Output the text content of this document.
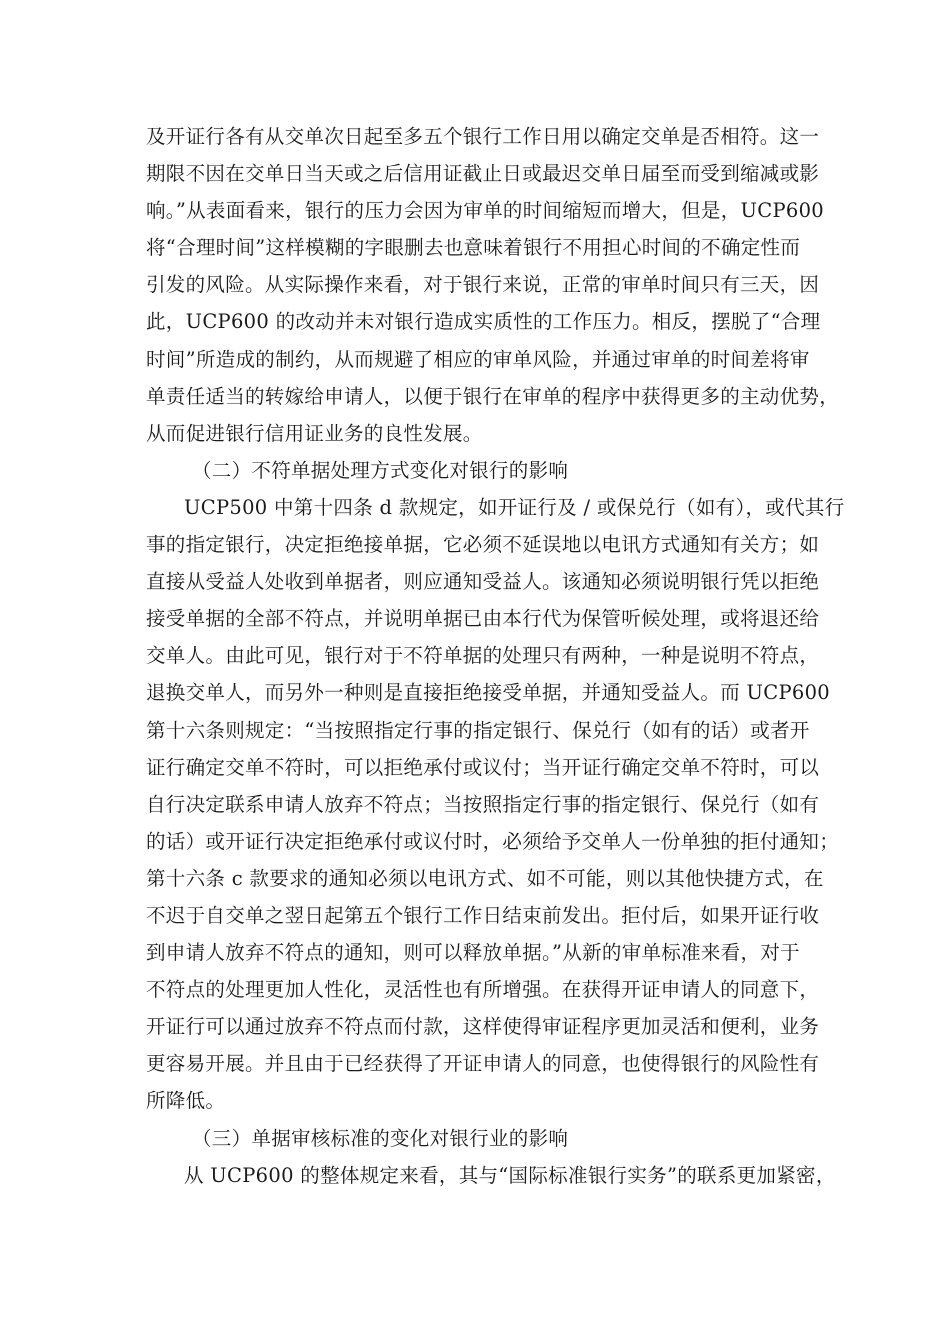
及开证行各有从交单次日起至多五个银行工作日用以确定交单是否相符。这一
期限不因在交单日当天或之后信用证截止日或最迟交单日届至而受到缩减或影
响。”从表面看来，银行的压力会因为审单的时间缩短而增大，但是，UCP600
将“合理时间”这样模糊的字眼删去也意味着银行不用担心时间的不确定性而
引发的风险。从实际操作来看，对于银行来说，正常的审单时间只有三天，因
此，UCP600 的改动并未对银行造成实质性的工作压力。相反，摆脱了“合理
时间”所造成的制约，从而规避了相应的审单风险，并通过审单的时间差将审
单责任适当的转嫁给申请人，以便于银行在审单的程序中获得更多的主动优势，
从而促进银行信用证业务的良性发展。
（二）不符单据处理方式变化对银行的影响
UCP500 中第十四条 d 款规定，如开证行及 / 或保兑行（如有），或代其行
事的指定银行，决定拒绝接单据，它必须不延误地以电讯方式通知有关方；如
直接从受益人处收到单据者，则应通知受益人。该通知必须说明银行凭以拒绝
接受单据的全部不符点，并说明单据已由本行代为保管听候处理，或将退还给
交单人。由此可见，银行对于不符单据的处理只有两种，一种是说明不符点，
退换交单人，而另外一种则是直接拒绝接受单据，并通知受益人。而 UCP600
第十六条则规定：“当按照指定行事的指定银行、保兑行（如有的话）或者开
证行确定交单不符时，可以拒绝承付或议付；当开证行确定交单不符时，可以
自行决定联系申请人放弃不符点；当按照指定行事的指定银行、保兑行（如有
的话）或开证行决定拒绝承付或议付时，必须给予交单人一份单独的拒付通知；
第十六条 c 款要求的通知必须以电讯方式、如不可能，则以其他快捷方式，在
不迟于自交单之翌日起第五个银行工作日结束前发出。拒付后，如果开证行收
到申请人放弃不符点的通知，则可以释放单据。”从新的审单标准来看，对于
不符点的处理更加人性化，灵活性也有所增强。在获得开证申请人的同意下，
开证行可以通过放弃不符点而付款，这样使得审证程序更加灵活和便利，业务
更容易开展。并且由于已经获得了开证申请人的同意，也使得银行的风险性有
所降低。
（三）单据审核标准的变化对银行业的影响
从 UCP600 的整体规定来看，其与“国际标准银行实务”的联系更加紧密，
